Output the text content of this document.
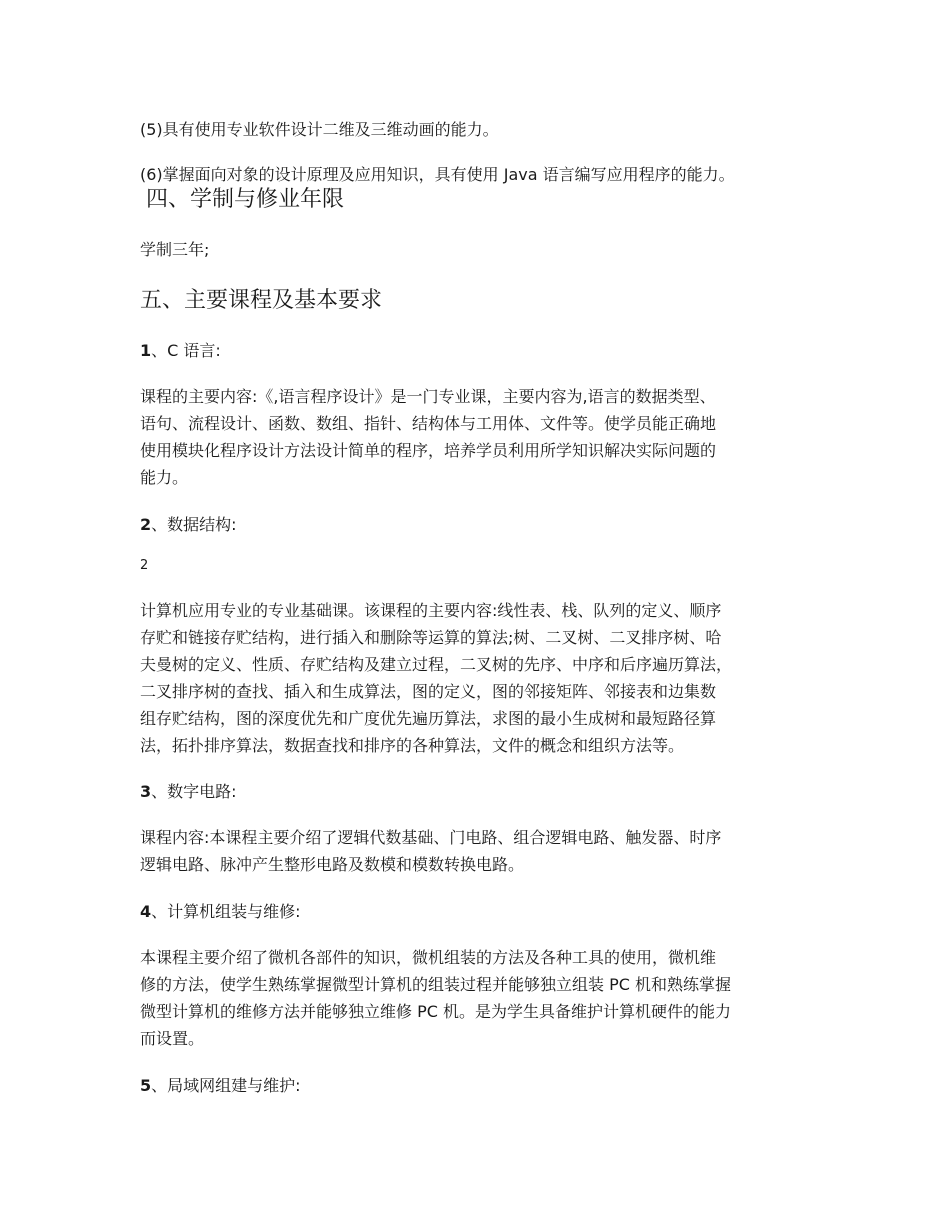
(5)具有使用专业软件设计二维及三维动画的能力。

(6)掌握面向对象的设计原理及应用知识，具有使用 Java 语言编写应用程序的能力。

四、学制与修业年限

学制三年;

五、主要课程及基本要求

1、C 语言:

课程的主要内容:《,语言程序设计》是一门专业课，主要内容为,语言的数据类型、
语句、流程设计、函数、数组、指针、结构体与工用体、文件等。使学员能正确地
使用模块化程序设计方法设计简单的程序，培养学员利用所学知识解决实际问题的
能力。

2、数据结构:

2

计算机应用专业的专业基础课。该课程的主要内容:线性表、栈、队列的定义、顺序
存贮和链接存贮结构，进行插入和删除等运算的算法;树、二叉树、二叉排序树、哈
夫曼树的定义、性质、存贮结构及建立过程，二叉树的先序、中序和后序遍历算法，
二叉排序树的查找、插入和生成算法，图的定义，图的邻接矩阵、邻接表和边集数
组存贮结构，图的深度优先和广度优先遍历算法，求图的最小生成树和最短路径算
法，拓扑排序算法，数据查找和排序的各种算法，文件的概念和组织方法等。

3、数字电路:

课程内容:本课程主要介绍了逻辑代数基础、门电路、组合逻辑电路、触发器、时序
逻辑电路、脉冲产生整形电路及数模和模数转换电路。

4、计算机组装与维修:

本课程主要介绍了微机各部件的知识，微机组装的方法及各种工具的使用，微机维
修的方法，使学生熟练掌握微型计算机的组装过程并能够独立组装 PC 机和熟练掌握
微型计算机的维修方法并能够独立维修 PC 机。是为学生具备维护计算机硬件的能力
而设置。

5、局域网组建与维护:
